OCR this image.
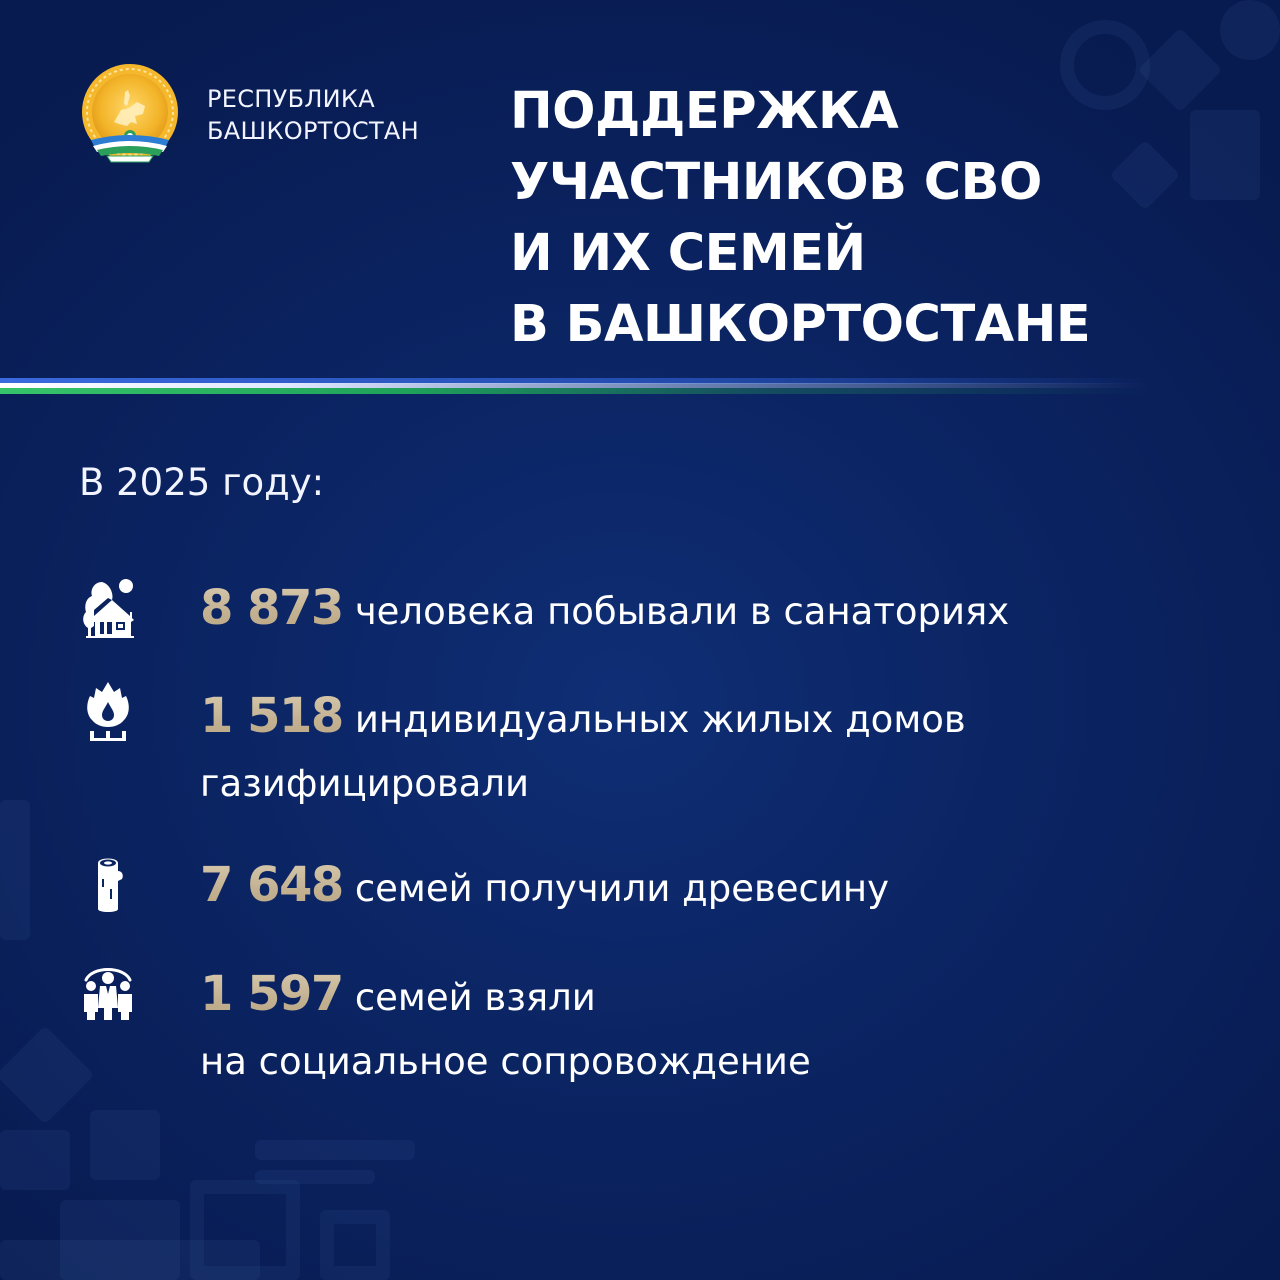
РЕСПУБЛИКА
БАШКОРТОСТАН ПОДДЕРЖКА
УЧАСТНИКОВ СВО
И ИХ СЕМЕЙ
В БАШКОРТОСТАНЕ
В 2025 году:
8 873 человека побывали в санаториях
1 518 индивидуальных жилых домов
газифицировали
7 648 семей получили древесину
1 597 семей взяли
на социальное сопровождение
